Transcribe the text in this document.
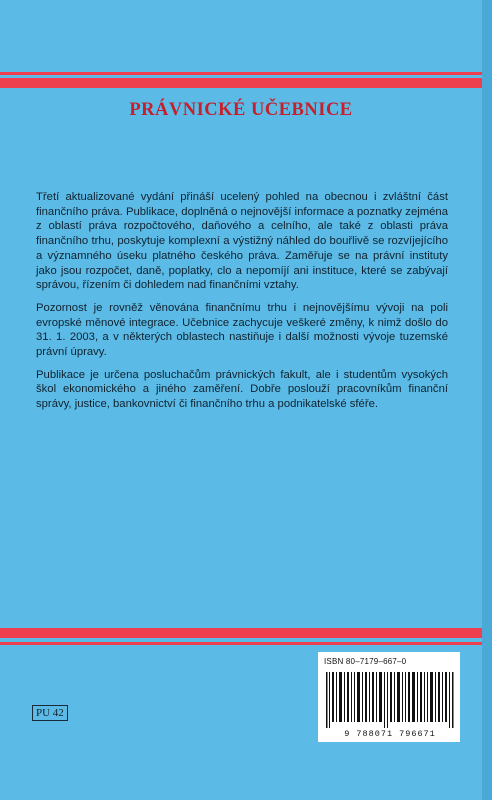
PRÁVNICKÉ UČEBNICE

Třetí aktualizované vydání přináší ucelený pohled na obecnou i zvláštní část finančního práva. Publikace, doplněná o nejnovější informace a poznatky zejména z oblastí práva rozpočtového, daňového a celního, ale také z oblasti práva finančního trhu, poskytuje komplexní a výstižný náhled do bouřlivě se rozvíjejícího a významného úseku platného českého práva. Zaměřuje se na právní instituty jako jsou rozpočet, daně, poplatky, clo a nepomíjí ani instituce, které se zabývají správou, řízením či dohledem nad finančními vztahy.

Pozornost je rovněž věnována finančnímu trhu i nejnovějšímu vývoji na poli evropské měnové integrace. Učebnice zachycuje veškeré změny, k nimž došlo do 31. 1. 2003, a v některých oblastech nastiňuje i další možnosti vývoje tuzemské právní úpravy.

Publikace je určena posluchačům právnických fakult, ale i studentům vysokých škol ekonomického a jiného zaměření. Dobře poslouží pracovníkům finanční správy, justice, bankovnictví či finančního trhu a podnikatelské sféře.

PU 42
ISBN 80–7179–667–0
9 788071 796671
